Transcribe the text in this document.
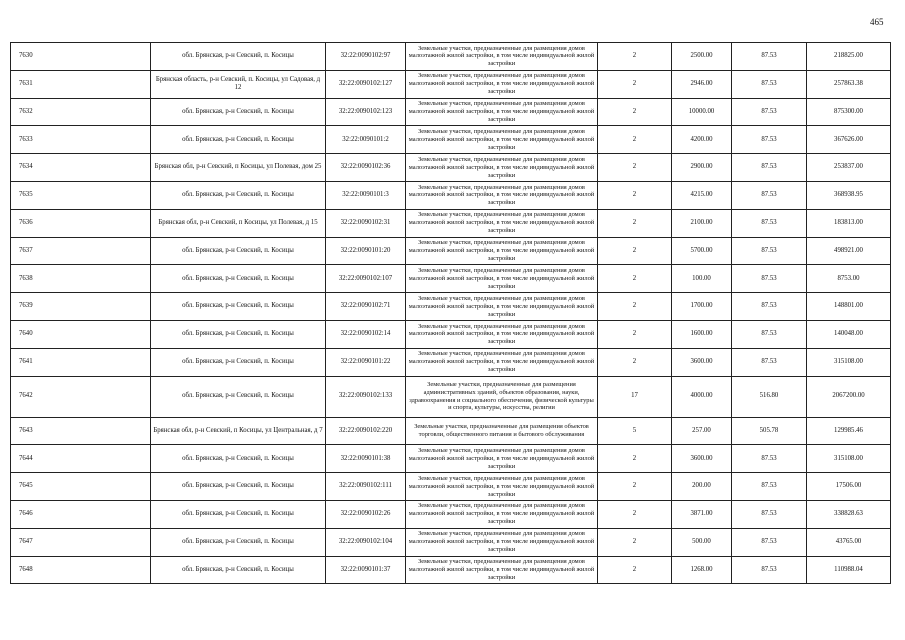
465
7630	обл. Брянская, р-н Севский, п. Косицы	32:22:0090102:97	Земельные участки, предназначенные для размещения домов малоэтажной жилой застройки, в том числе индивидуальной жилой застройки	2	2500.00	87.53	218825.00
7631	Брянская область, р-н Севский, п. Косицы, ул Садовая, д 12	32:22:0090102:127	Земельные участки, предназначенные для размещения домов малоэтажной жилой застройки, в том числе индивидуальной жилой застройки	2	2946.00	87.53	257863.38
7632	обл. Брянская, р-н Севский, п. Косицы	32:22:0090102:123	Земельные участки, предназначенные для размещения домов малоэтажной жилой застройки, в том числе индивидуальной жилой застройки	2	10000.00	87.53	875300.00
7633	обл. Брянская, р-н Севский, п. Косицы	32:22:0090101:2	Земельные участки, предназначенные для размещения домов малоэтажной жилой застройки, в том числе индивидуальной жилой застройки	2	4200.00	87.53	367626.00
7634	Брянская обл, р-н Севский, п Косицы, ул Полевая, дом 25	32:22:0090102:36	Земельные участки, предназначенные для размещения домов малоэтажной жилой застройки, в том числе индивидуальной жилой застройки	2	2900.00	87.53	253837.00
7635	обл. Брянская, р-н Севский, п. Косицы	32:22:0090101:3	Земельные участки, предназначенные для размещения домов малоэтажной жилой застройки, в том числе индивидуальной жилой застройки	2	4215.00	87.53	368938.95
7636	Брянская обл, р-н Севский, п Косицы, ул Полевая, д 15	32:22:0090102:31	Земельные участки, предназначенные для размещения домов малоэтажной жилой застройки, в том числе индивидуальной жилой застройки	2	2100.00	87.53	183813.00
7637	обл. Брянская, р-н Севский, п. Косицы	32:22:0090101:20	Земельные участки, предназначенные для размещения домов малоэтажной жилой застройки, в том числе индивидуальной жилой застройки	2	5700.00	87.53	498921.00
7638	обл. Брянская, р-н Севский, п. Косицы	32:22:0090102:107	Земельные участки, предназначенные для размещения домов малоэтажной жилой застройки, в том числе индивидуальной жилой застройки	2	100.00	87.53	8753.00
7639	обл. Брянская, р-н Севский, п. Косицы	32:22:0090102:71	Земельные участки, предназначенные для размещения домов малоэтажной жилой застройки, в том числе индивидуальной жилой застройки	2	1700.00	87.53	148801.00
7640	обл. Брянская, р-н Севский, п. Косицы	32:22:0090102:14	Земельные участки, предназначенные для размещения домов малоэтажной жилой застройки, в том числе индивидуальной жилой застройки	2	1600.00	87.53	140048.00
7641	обл. Брянская, р-н Севский, п. Косицы	32:22:0090101:22	Земельные участки, предназначенные для размещения домов малоэтажной жилой застройки, в том числе индивидуальной жилой застройки	2	3600.00	87.53	315108.00
7642	обл. Брянская, р-н Севский, п. Косицы	32:22:0090102:133	Земельные участки, предназначенные для размещения административных зданий, объектов образования, науки, здравоохранения и социального обеспечения, физической культуры и спорта, культуры, искусства, религии	17	4000.00	516.80	2067200.00
7643	Брянская обл, р-н Севский, п Косицы, ул Центральная, д 7	32:22:0090102:220	Земельные участки, предназначенные для размещения объектов торговли, общественного питания и бытового обслуживания	5	257.00	505.78	129985.46
7644	обл. Брянская, р-н Севский, п. Косицы	32:22:0090101:38	Земельные участки, предназначенные для размещения домов малоэтажной жилой застройки, в том числе индивидуальной жилой застройки	2	3600.00	87.53	315108.00
7645	обл. Брянская, р-н Севский, п. Косицы	32:22:0090102:111	Земельные участки, предназначенные для размещения домов малоэтажной жилой застройки, в том числе индивидуальной жилой застройки	2	200.00	87.53	17506.00
7646	обл. Брянская, р-н Севский, п. Косицы	32:22:0090102:26	Земельные участки, предназначенные для размещения домов малоэтажной жилой застройки, в том числе индивидуальной жилой застройки	2	3871.00	87.53	338828.63
7647	обл. Брянская, р-н Севский, п. Косицы	32:22:0090102:104	Земельные участки, предназначенные для размещения домов малоэтажной жилой застройки, в том числе индивидуальной жилой застройки	2	500.00	87.53	43765.00
7648	обл. Брянская, р-н Севский, п. Косицы	32:22:0090101:37	Земельные участки, предназначенные для размещения домов малоэтажной жилой застройки, в том числе индивидуальной жилой застройки	2	1268.00	87.53	110988.04
